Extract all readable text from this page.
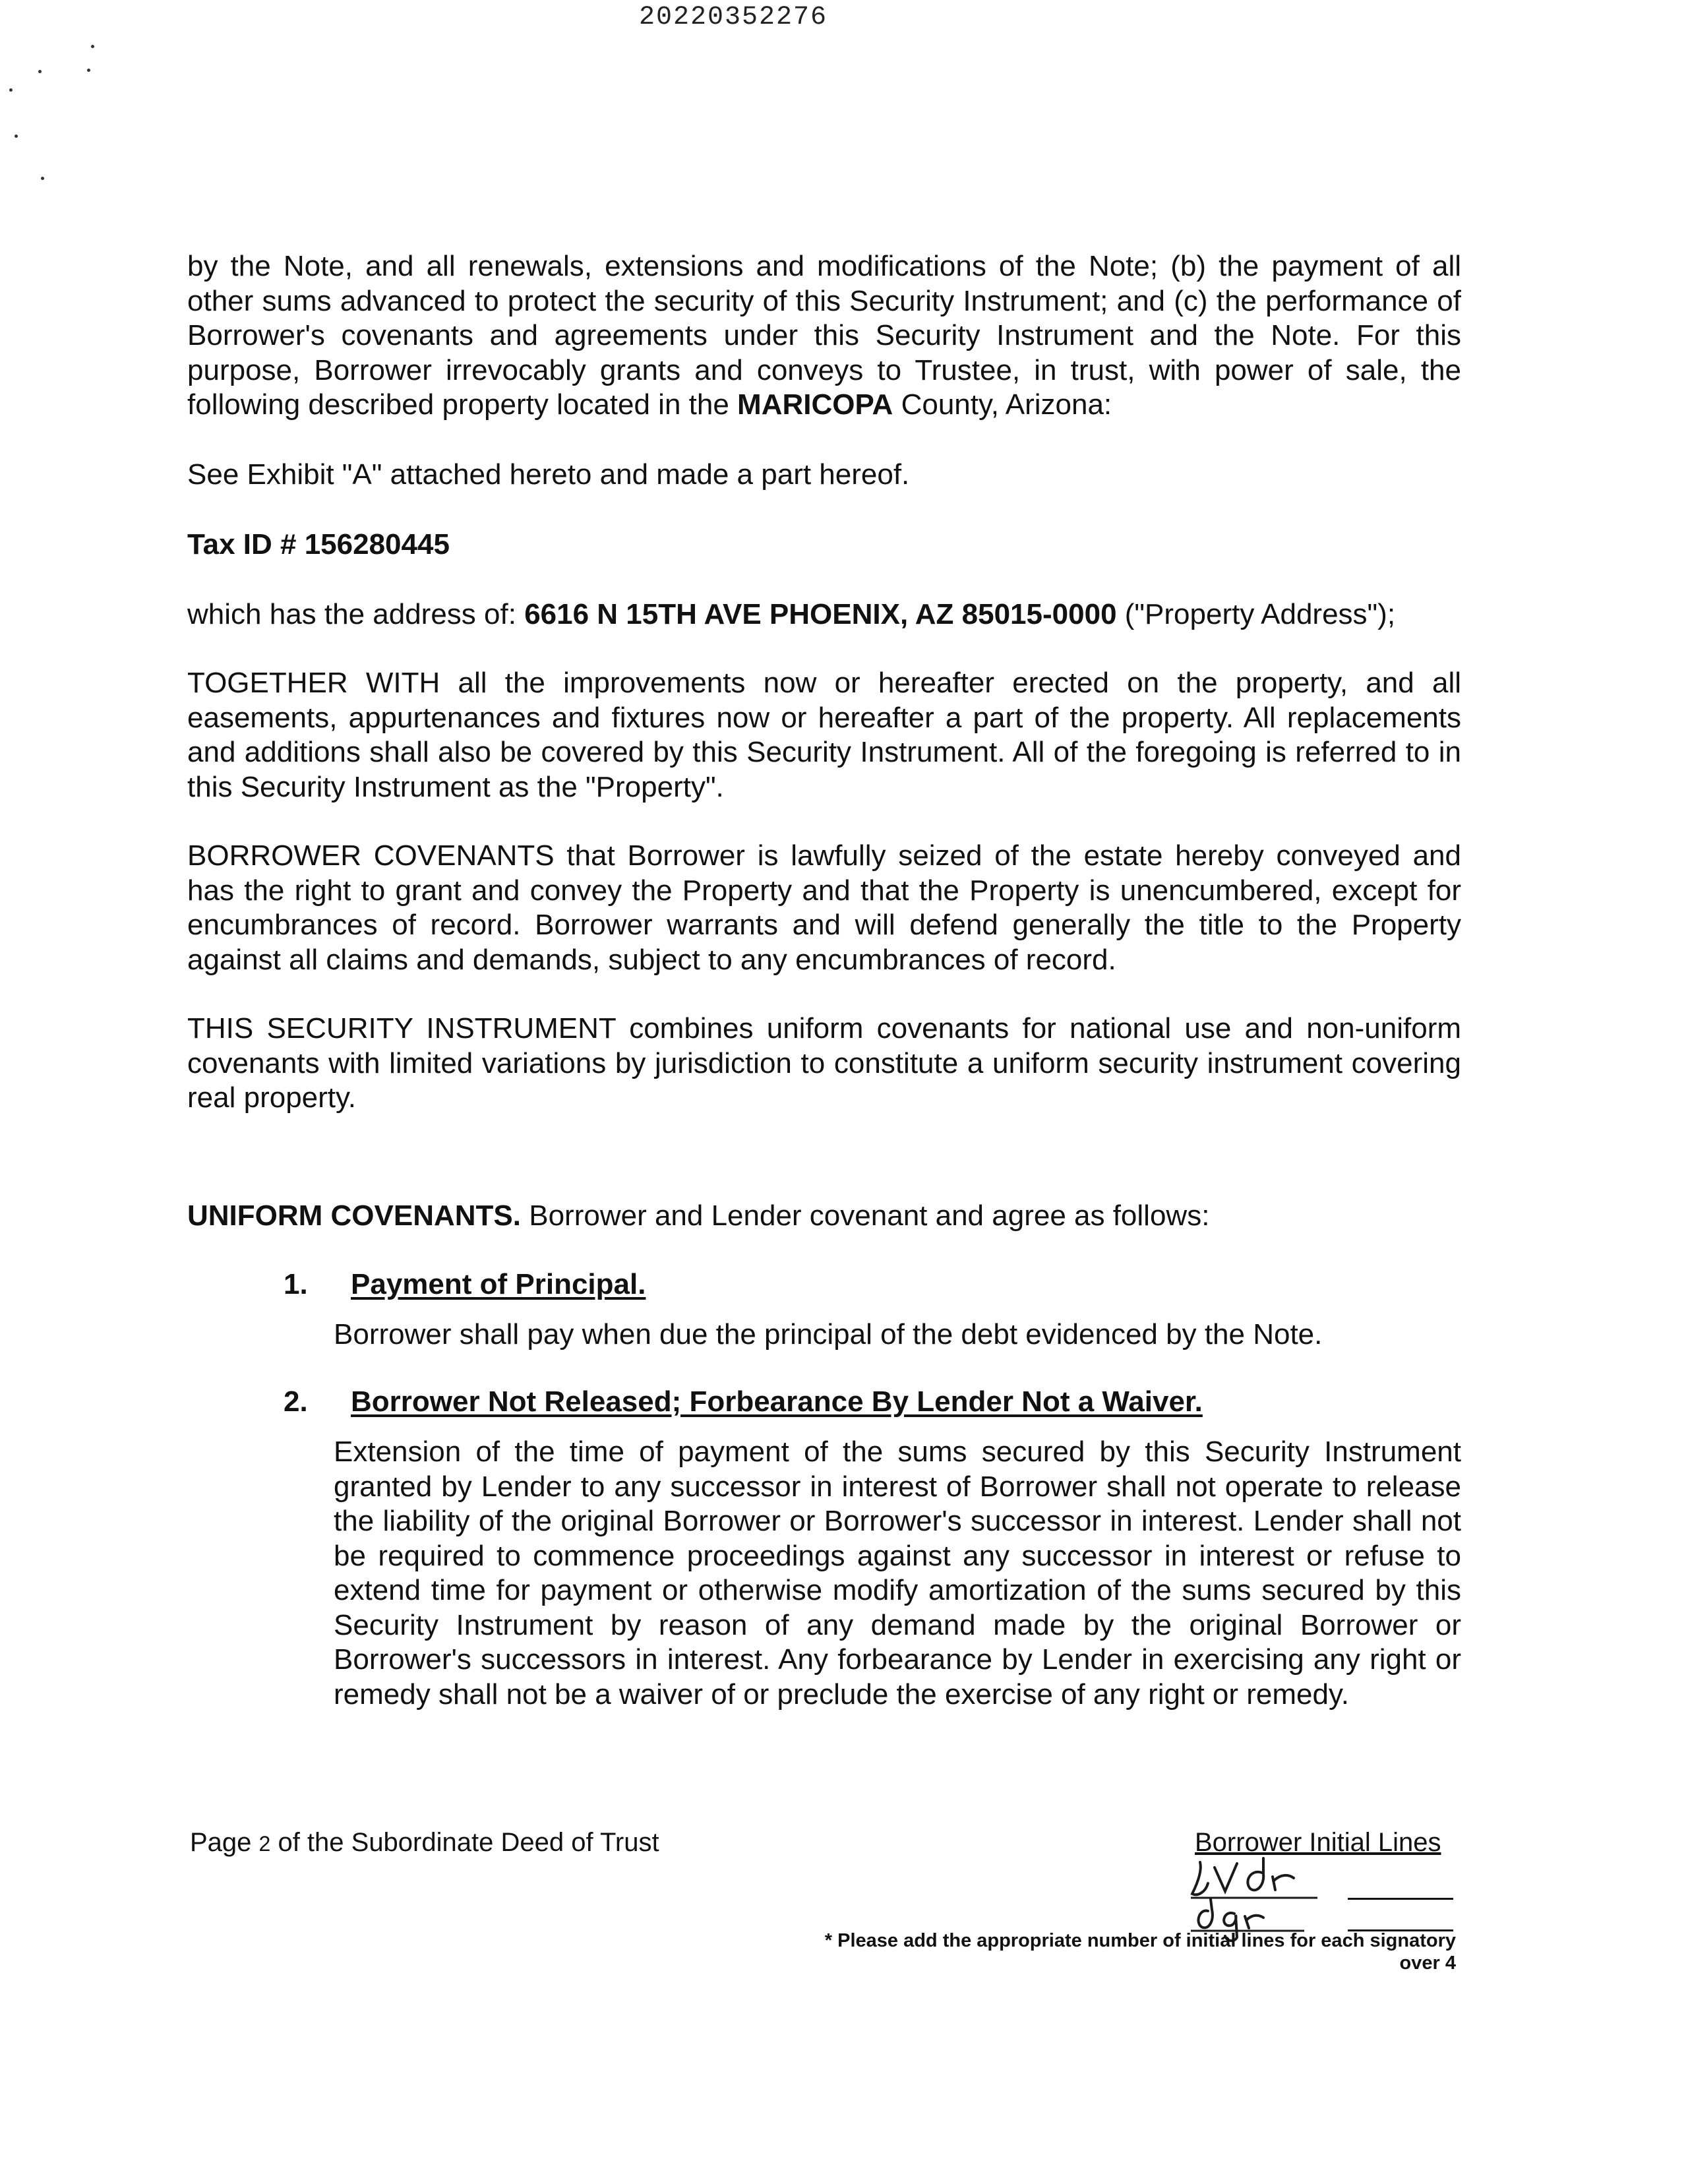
20220352276

by the Note, and all renewals, extensions and modifications of the Note; (b) the payment of all other sums advanced to protect the security of this Security Instrument; and (c) the performance of Borrower's covenants and agreements under this Security Instrument and the Note. For this purpose, Borrower irrevocably grants and conveys to Trustee, in trust, with power of sale, the following described property located in the MARICOPA County, Arizona:

See Exhibit "A" attached hereto and made a part hereof.
Tax ID # 156280445
which has the address of: 6616 N 15TH AVE PHOENIX, AZ 85015-0000 ("Property Address");
TOGETHER WITH all the improvements now or hereafter erected on the property, and all easements, appurtenances and fixtures now or hereafter a part of the property. All replacements and additions shall also be covered by this Security Instrument. All of the foregoing is referred to in this Security Instrument as the "Property".
BORROWER COVENANTS that Borrower is lawfully seized of the estate hereby conveyed and has the right to grant and convey the Property and that the Property is unencumbered, except for encumbrances of record. Borrower warrants and will defend generally the title to the Property against all claims and demands, subject to any encumbrances of record.
THIS SECURITY INSTRUMENT combines uniform covenants for national use and non-uniform covenants with limited variations by jurisdiction to constitute a uniform security instrument covering real property.
UNIFORM COVENANTS. Borrower and Lender covenant and agree as follows:
1. Payment of Principal.
Borrower shall pay when due the principal of the debt evidenced by the Note.
2. Borrower Not Released; Forbearance By Lender Not a Waiver.
Extension of the time of payment of the sums secured by this Security Instrument granted by Lender to any successor in interest of Borrower shall not operate to release the liability of the original Borrower or Borrower's successor in interest. Lender shall not be required to commence proceedings against any successor in interest or refuse to extend time for payment or otherwise modify amortization of the sums secured by this Security Instrument by reason of any demand made by the original Borrower or Borrower's successors in interest. Any forbearance by Lender in exercising any right or remedy shall not be a waiver of or preclude the exercise of any right or remedy.
Page 2 of the Subordinate Deed of Trust	Borrower Initial Lines
* Please add the appropriate number of initial lines for each signatory
over 4
